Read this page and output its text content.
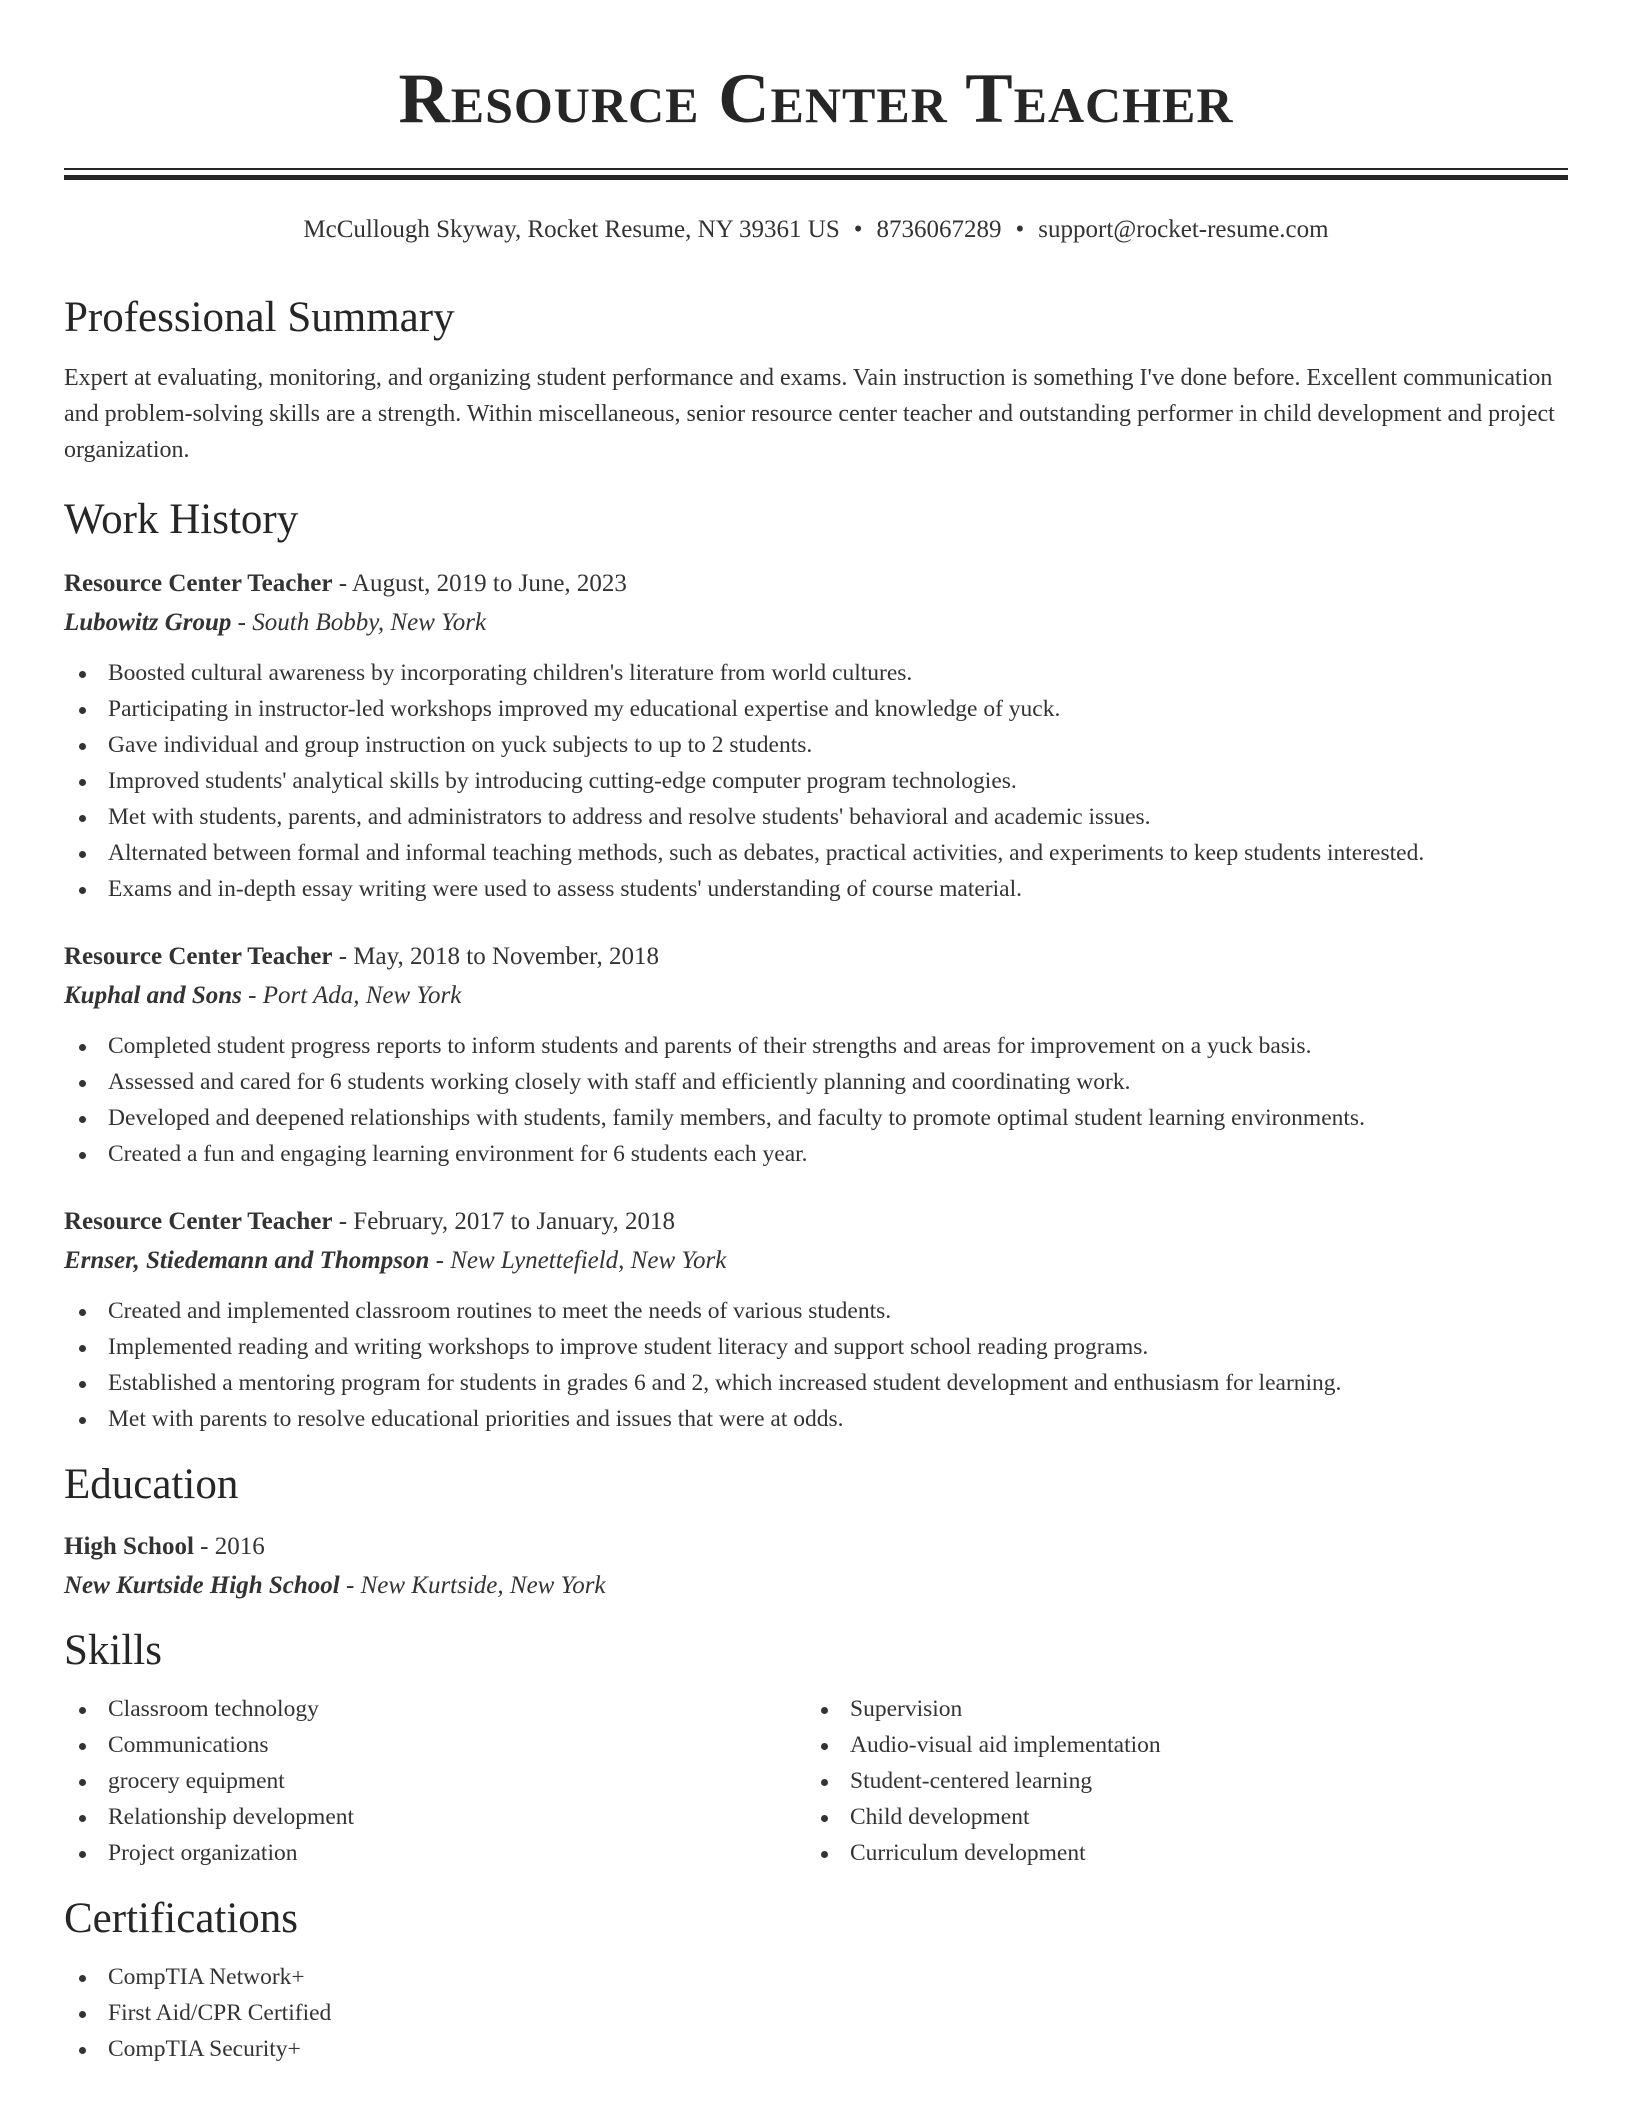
Resource Center Teacher
McCullough Skyway, Rocket Resume, NY 39361 US • 8736067289 • support@rocket-resume.com
Professional Summary
Expert at evaluating, monitoring, and organizing student performance and exams. Vain instruction is something I've done before. Excellent communication and problem-solving skills are a strength. Within miscellaneous, senior resource center teacher and outstanding performer in child development and project organization.
Work History
Resource Center Teacher - August, 2019 to June, 2023
Lubowitz Group - South Bobby, New York
Boosted cultural awareness by incorporating children's literature from world cultures.
Participating in instructor-led workshops improved my educational expertise and knowledge of yuck.
Gave individual and group instruction on yuck subjects to up to 2 students.
Improved students' analytical skills by introducing cutting-edge computer program technologies.
Met with students, parents, and administrators to address and resolve students' behavioral and academic issues.
Alternated between formal and informal teaching methods, such as debates, practical activities, and experiments to keep students interested.
Exams and in-depth essay writing were used to assess students' understanding of course material.
Resource Center Teacher - May, 2018 to November, 2018
Kuphal and Sons - Port Ada, New York
Completed student progress reports to inform students and parents of their strengths and areas for improvement on a yuck basis.
Assessed and cared for 6 students working closely with staff and efficiently planning and coordinating work.
Developed and deepened relationships with students, family members, and faculty to promote optimal student learning environments.
Created a fun and engaging learning environment for 6 students each year.
Resource Center Teacher - February, 2017 to January, 2018
Ernser, Stiedemann and Thompson - New Lynettefield, New York
Created and implemented classroom routines to meet the needs of various students.
Implemented reading and writing workshops to improve student literacy and support school reading programs.
Established a mentoring program for students in grades 6 and 2, which increased student development and enthusiasm for learning.
Met with parents to resolve educational priorities and issues that were at odds.
Education
High School - 2016
New Kurtside High School - New Kurtside, New York
Skills
Classroom technology
Communications
grocery equipment
Relationship development
Project organization
Supervision
Audio-visual aid implementation
Student-centered learning
Child development
Curriculum development
Certifications
CompTIA Network+
First Aid/CPR Certified
CompTIA Security+
